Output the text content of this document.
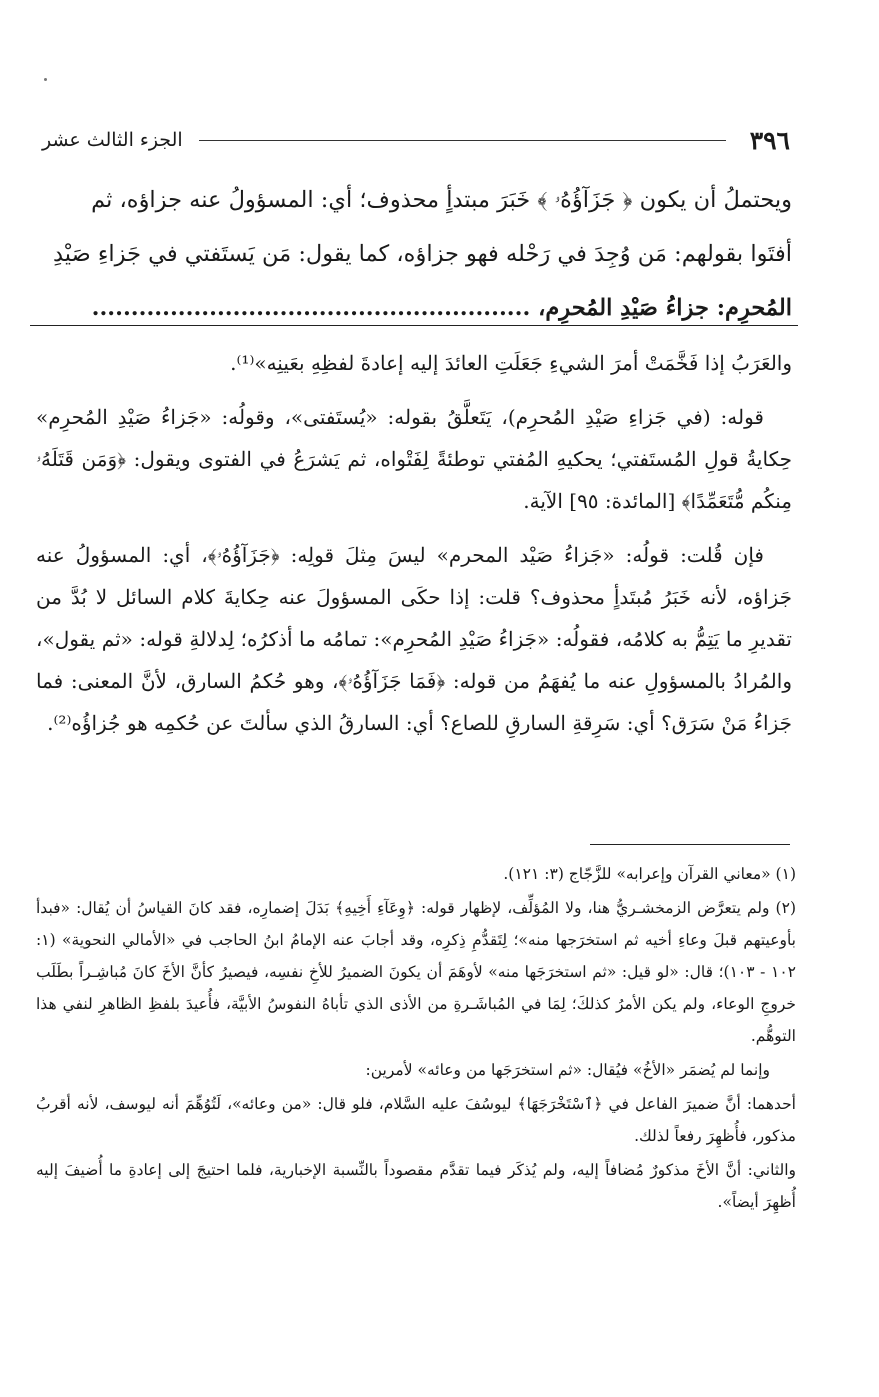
٣٩٦
الجزء الثالث عشر
ويحتملُ أن يكون ﴿ جَزَآؤُهُۥ ﴾ خَبَرَ مبتدأٍ محذوف؛ أي: المسؤولُ عنه جزاؤه، ثم
أفتَوا بقولهم: مَن وُجِدَ في رَحْله فهو جزاؤه، كما يقول: مَن يَستَفتي في جَزاءِ صَيْدِ
المُحرِم: جزاءُ صَيْدِ المُحرِم، ........................................................

والعَرَبُ إذا فَخَّمَتْ أمرَ الشيءِ جَعَلَتِ العائدَ إليه إعادةَ لفظِهِ بعَينِه»⁽¹⁾.

قوله: (في جَزاءِ صَيْدِ المُحرِم)، يَتَعلَّقُ بقوله: «يُستَفتى»، وقولُه: «جَزاءُ صَيْدِ المُحرِم» حِكايةُ قولِ المُستَفتي؛ يحكيهِ المُفتي توطئةً لِفَتْواه، ثم يَشرَعُ في الفتوى ويقول: ﴿وَمَن قَتَلَهُۥ مِنكُم مُّتَعَمِّدًا﴾ [المائدة: ٩٥] الآية.

فإن قُلت: قولُه: «جَزاءُ صَيْد المحرم» ليسَ مِثلَ قولِه: ﴿جَزَآؤُهُۥ﴾، أي: المسؤولُ عنه جَزاؤه، لأنه خَبَرُ مُبتَدأٍ محذوف؟ قلت: إذا حكَى المسؤولَ عنه حِكايةَ كلام السائل لا بُدَّ من تقديرِ ما يَتِمُّ به كلامُه، فقولُه: «جَزاءُ صَيْدِ المُحرِم»: تمامُه ما أذكرُه؛ لِدلالةِ قوله: «ثم يقول»، والمُرادُ بالمسؤولِ عنه ما يُفهَمُ من قوله: ﴿فَمَا جَزَآؤُهُۥ﴾، وهو حُكمُ السارق، لأنَّ المعنى: فما جَزاءُ مَنْ سَرَق؟ أي: سَرِقةِ السارقِ للصاع؟ أي: السارقُ الذي سألتَ عن حُكمِه هو جُزاؤُه⁽²⁾.

(١) «معاني القرآن وإعرابه» للزَّجّاج (٣: ١٢١).

(٢) ولم يتعرَّض الزمخشـريُّ هنا، ولا المُؤلِّف، لإظهار قوله: ﴿وِعَآءِ أَخِيهِ﴾ بَدَلَ إضمارِه، فقد كانَ القياسُ أن يُقال: «فبدأ بأوعيتهم قبلَ وعاءِ أخيه ثم استخرَجها منه»؛ لِتَقدُّمِ ذِكرِه، وقد أجابَ عنه الإمامُ ابنُ الحاجب في «الأمالي النحوية» (١: ١٠٢ - ١٠٣)؛ قال: «لو قيل: «ثم استخرَجَها منه» لأوهَمَ أن يكونَ الضميرُ للأخِ نفسِه، فيصيرُ كأنَّ الأخَ كانَ مُباشِـراً بطَلَب خروجِ الوعاء، ولم يكن الأمرُ كذلكَ؛ لِمَا في المُباشَـرةِ من الأذى الذي تأباهُ النفوسُ الأبيَّة، فأُعيدَ بلفظِ الظاهرِ لنفي هذا التوهُّم.

وإنما لم يُضمَر «الأخُ» فيُقال: «ثم استخرَجَها من وعائه» لأمرين:

أحدهما: أنَّ ضميرَ الفاعل في ﴿ٱسْتَخْرَجَهَا﴾ ليوسُفَ عليه السَّلام، فلو قال: «من وعائه»، لَتُوُهِّمَ أنه ليوسف، لأنه أقربُ مذكور، فأُظهِرَ رفعاً لذلك.

والثاني: أنَّ الأخَ مذكورٌ مُضافاً إليه، ولم يُذكَر فيما تقدَّم مقصوداً بالنِّسبة الإخبارية، فلما احتيجَ إلى إعادةِ ما أُضيفَ إليه أُظهِرَ أيضاً».
